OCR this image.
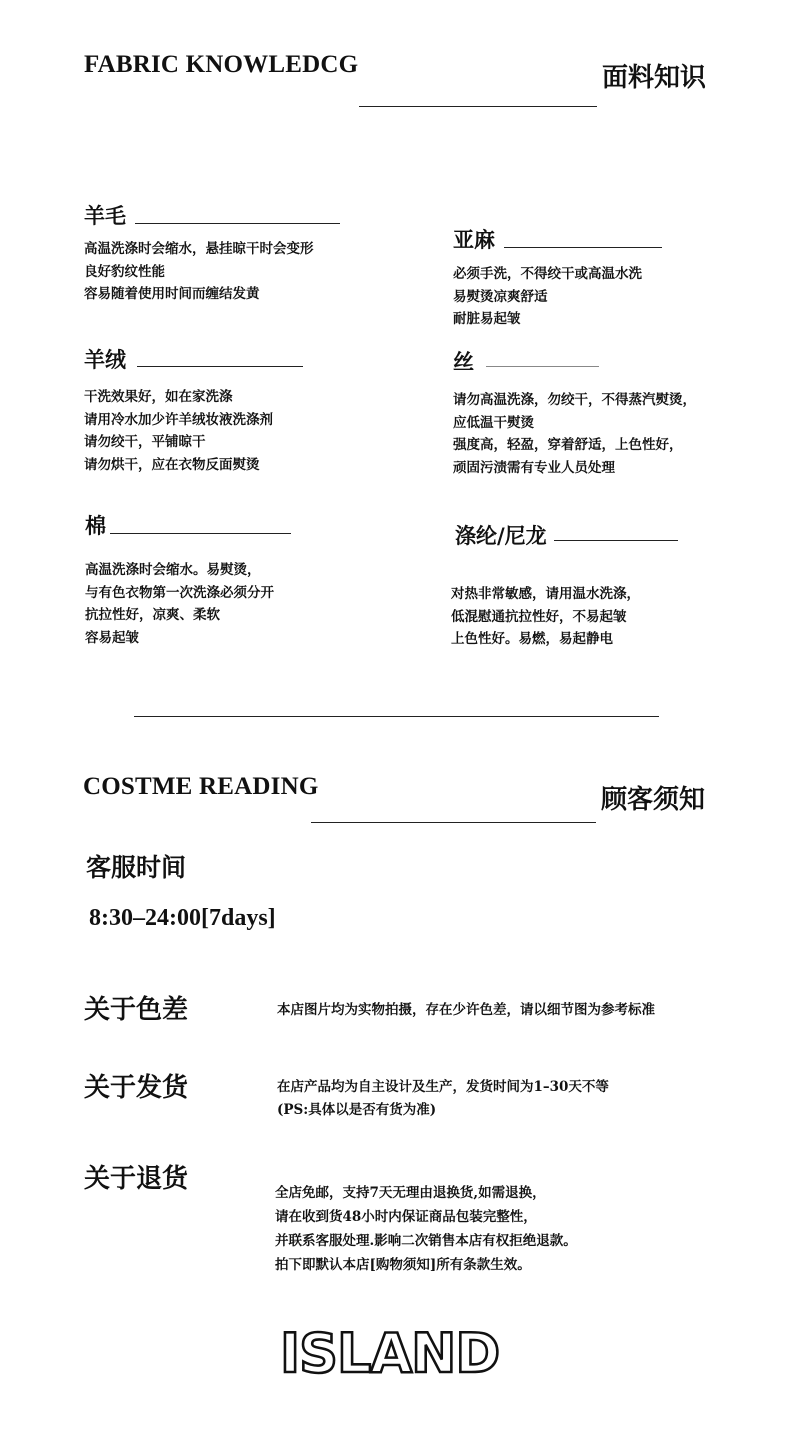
FABRIC KNOWLEDCG	面料知识
羊毛
高温洗涤时会缩水，悬挂晾干时会变形
良好豹纹性能
容易随着使用时间而缠结发黄
亚麻
必须手洗，不得绞干或高温水洗
易熨烫凉爽舒适
耐脏易起皱
羊绒
干洗效果好，如在家洗涤
请用冷水加少许羊绒妆液洗涤剂
请勿绞干，平铺晾干
请勿烘干，应在衣物反面熨烫
丝
请勿高温洗涤，勿绞干，不得蒸汽熨烫，
应低温干熨烫
强度高，轻盈，穿着舒适，上色性好，
顽固污渍需有专业人员处理
棉
高温洗涤时会缩水。易熨烫，
与有色衣物第一次洗涤必须分开
抗拉性好，凉爽、柔软
容易起皱
涤纶/尼龙
对热非常敏感，请用温水洗涤，
低混慰通抗拉性好，不易起皱
上色性好。易燃，易起静电
COSTME READING	顾客须知
客服时间
8:30–24:00[7days]
关于色差	本店图片均为实物拍摄，存在少许色差，请以细节图为参考标准
关于发货	在店产品均为自主设计及生产，发货时间为1–30天不等
(PS:具体以是否有货为准)
关于退货	全店免邮，支持7天无理由退换货,如需退换，
请在收到货48小时内保证商品包装完整性，
并联系客服处理.影响二次销售本店有权拒绝退款。
拍下即默认本店[购物须知]所有条款生效。
ISLAND
